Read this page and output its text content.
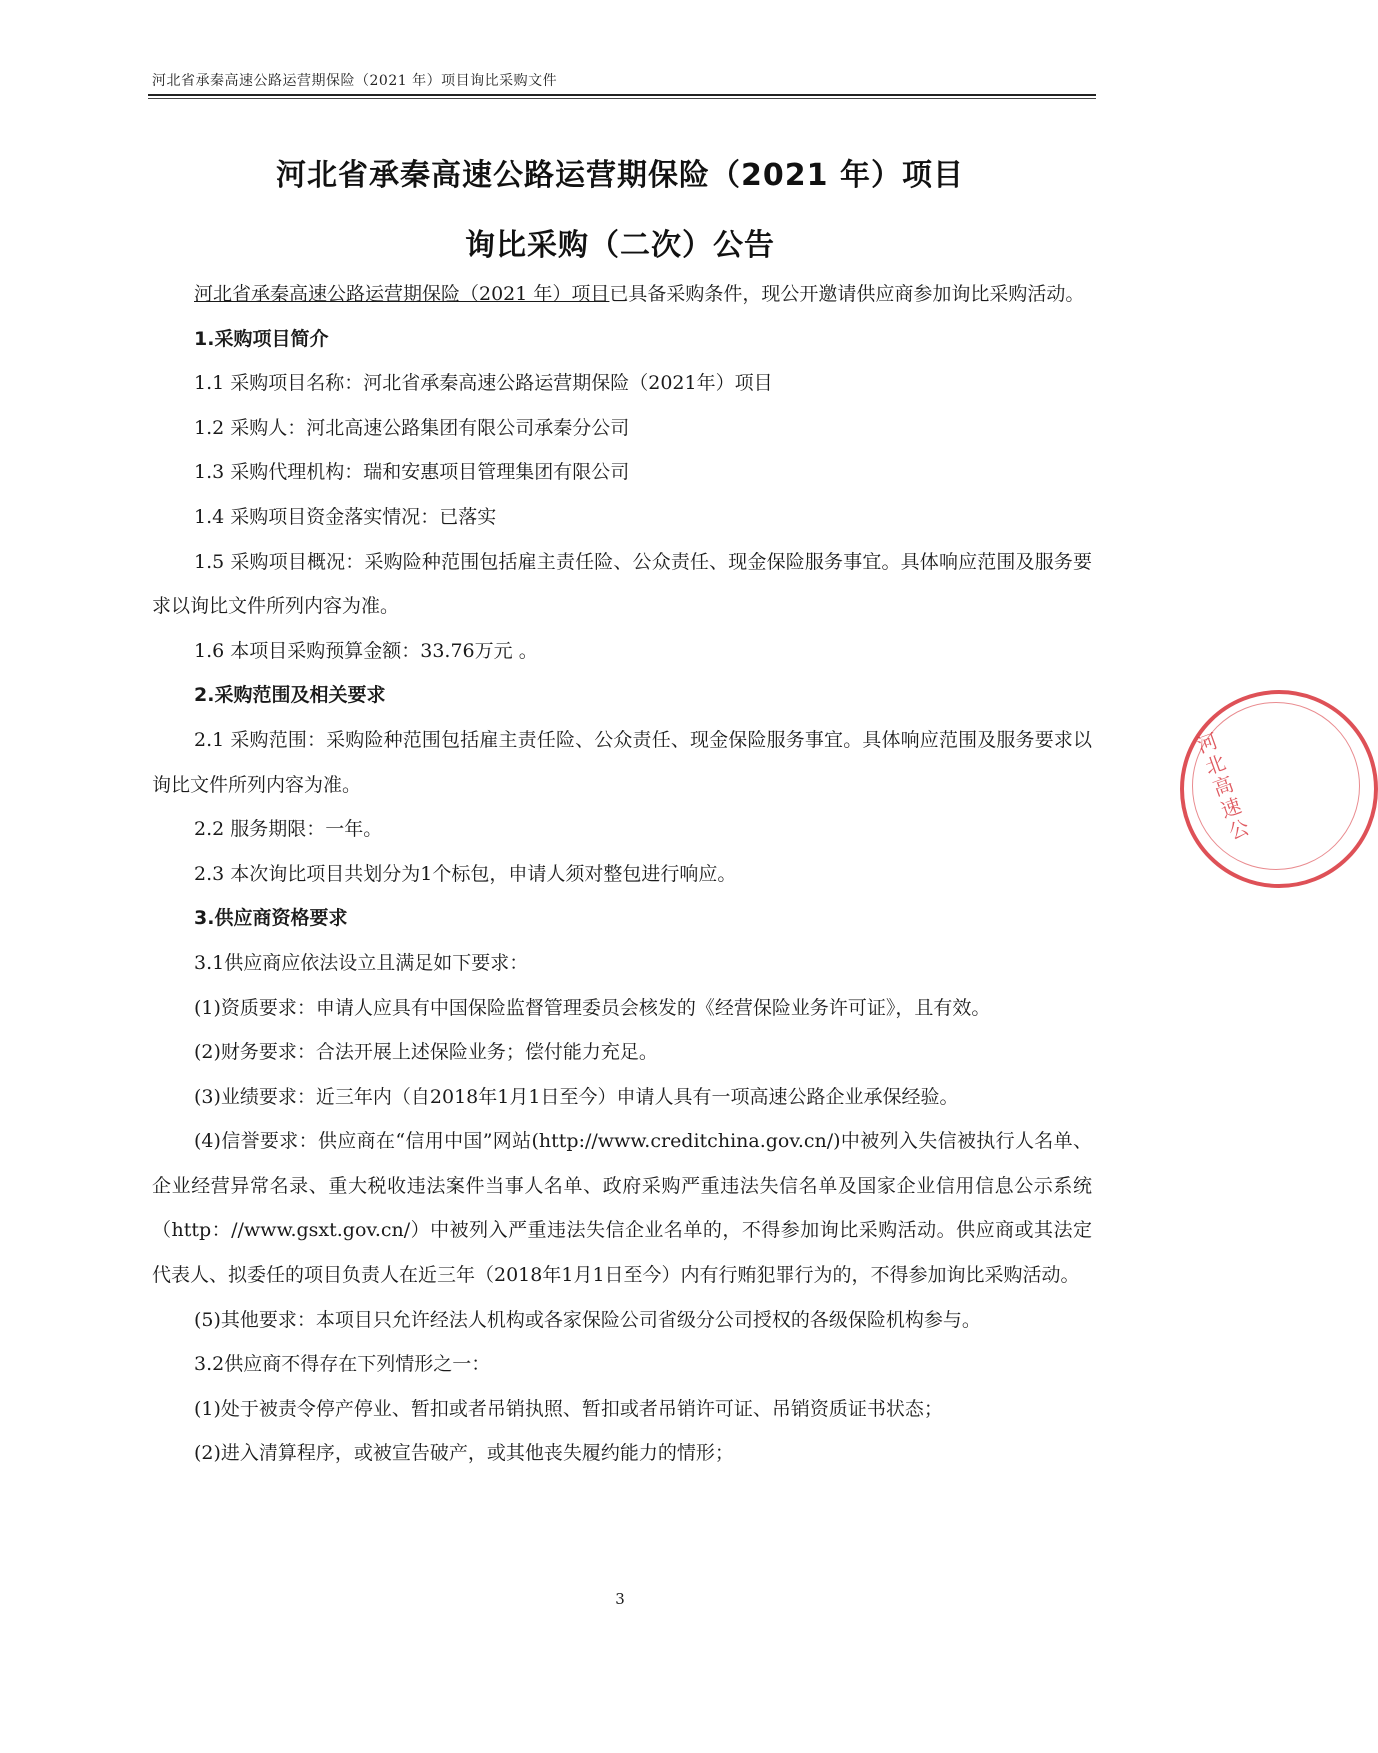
河北省承秦高速公路运营期保险（2021 年）项目询比采购文件
河北省承秦高速公路运营期保险（2021 年）项目
询比采购（二次）公告

河北省承秦高速公路运营期保险（2021 年）项目已具备采购条件，现公开邀请供应商参加询比采购活动。

1.采购项目简介

1.1 采购项目名称：河北省承秦高速公路运营期保险（2021年）项目

1.2 采购人：河北高速公路集团有限公司承秦分公司

1.3 采购代理机构：瑞和安惠项目管理集团有限公司

1.4 采购项目资金落实情况：已落实

1.5 采购项目概况：采购险种范围包括雇主责任险、公众责任、现金保险服务事宜。具体响应范围及服务要求以询比文件所列内容为准。

1.6 本项目采购预算金额：33.76万元 。

2.采购范围及相关要求

2.1 采购范围：采购险种范围包括雇主责任险、公众责任、现金保险服务事宜。具体响应范围及服务要求以询比文件所列内容为准。

2.2 服务期限：一年。

2.3 本次询比项目共划分为1个标包，申请人须对整包进行响应。

3.供应商资格要求

3.1供应商应依法设立且满足如下要求：

(1)资质要求：申请人应具有中国保险监督管理委员会核发的《经营保险业务许可证》，且有效。

(2)财务要求：合法开展上述保险业务；偿付能力充足。

(3)业绩要求：近三年内（自2018年1月1日至今）申请人具有一项高速公路企业承保经验。

(4)信誉要求：供应商在“信用中国”网站(http://www.creditchina.gov.cn/)中被列入失信被执行人名单、企业经营异常名录、重大税收违法案件当事人名单、政府采购严重违法失信名单及国家企业信用信息公示系统（http：//www.gsxt.gov.cn/）中被列入严重违法失信企业名单的，不得参加询比采购活动。供应商或其法定代表人、拟委任的项目负责人在近三年（2018年1月1日至今）内有行贿犯罪行为的，不得参加询比采购活动。

(5)其他要求：本项目只允许经法人机构或各家保险公司省级分公司授权的各级保险机构参与。

3.2供应商不得存在下列情形之一：

(1)处于被责令停产停业、暂扣或者吊销执照、暂扣或者吊销许可证、吊销资质证书状态；

(2)进入清算程序，或被宣告破产，或其他丧失履约能力的情形；

3
河北高速公
